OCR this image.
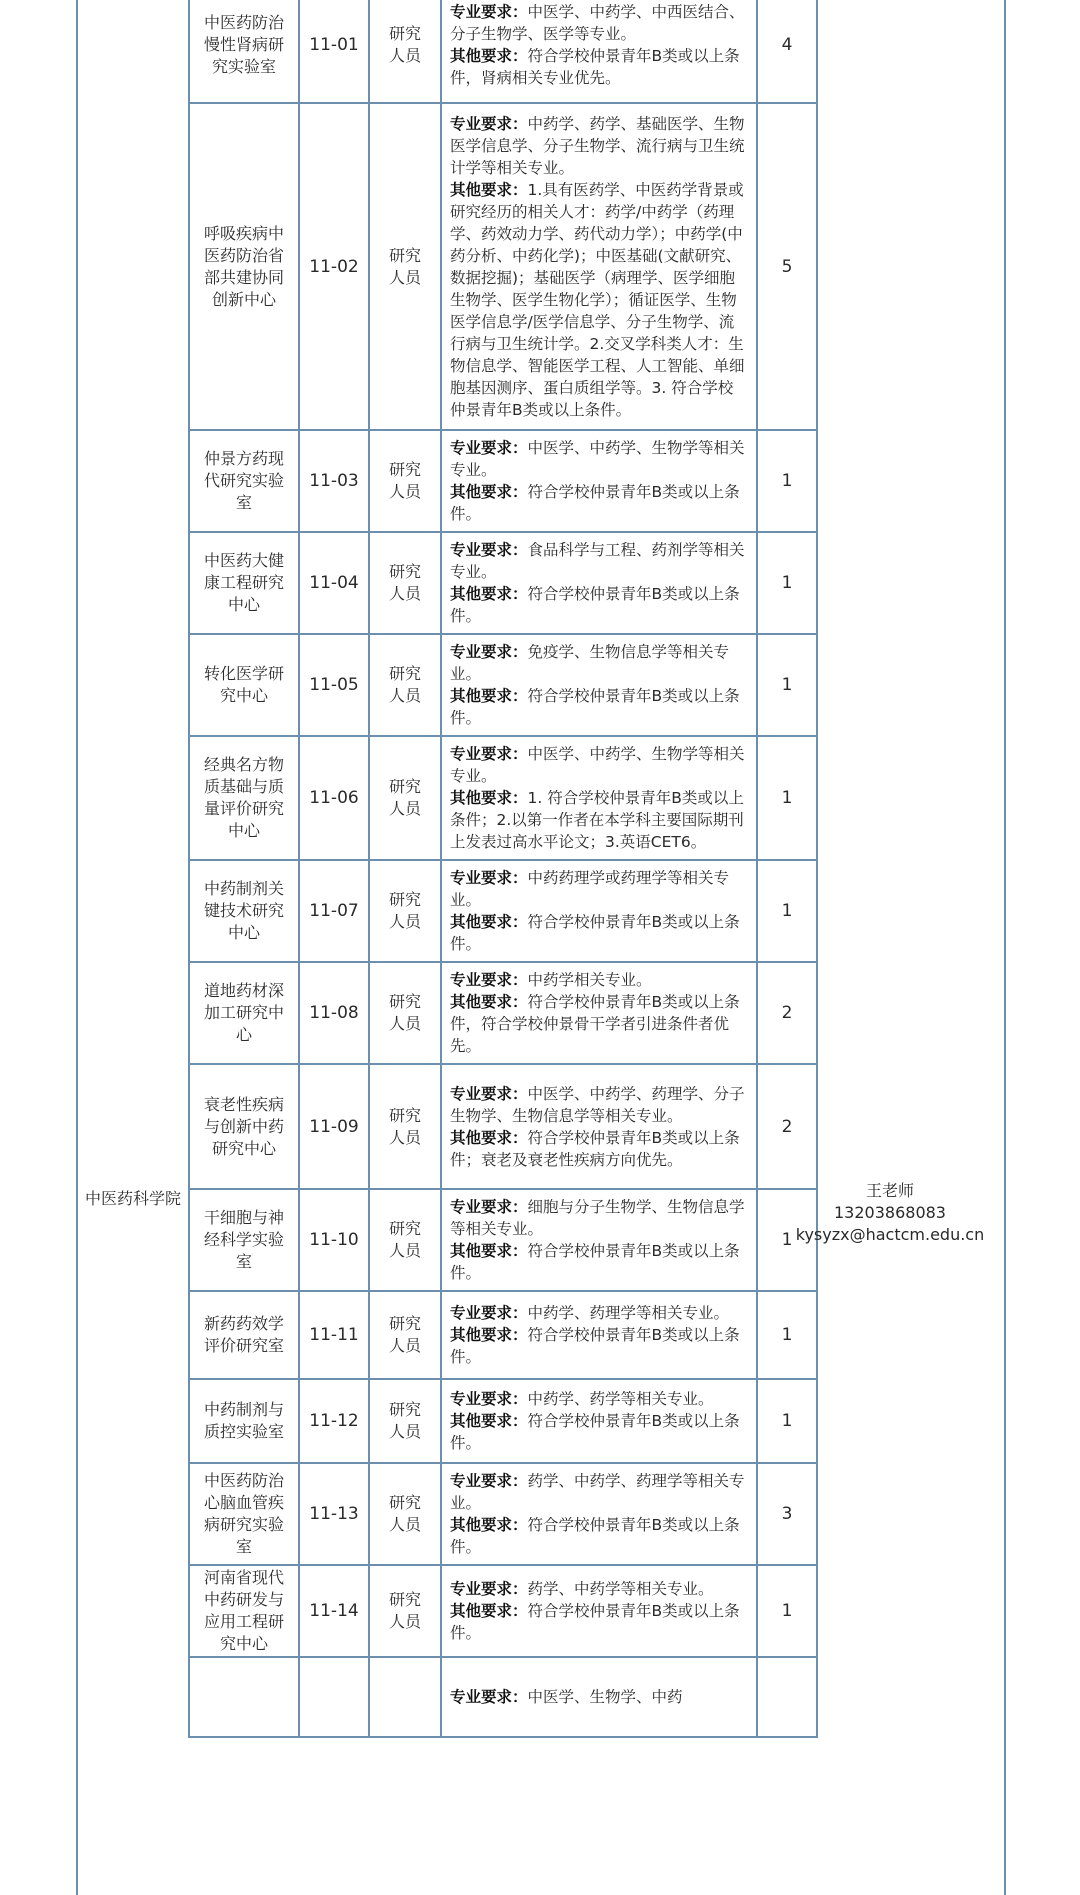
中医药科学院
中医药防治慢性肾病研究实验室	11-01	研究人员	专业要求：中医学、中药学、中西医结合、分子生物学、医学等专业。
其他要求：符合学校仲景青年B类或以上条件，肾病相关专业优先。	4
呼吸疾病中医药防治省部共建协同创新中心	11-02	研究人员	专业要求：中药学、药学、基础医学、生物医学信息学、分子生物学、流行病与卫生统计学等相关专业。
其他要求：1.具有医药学、中医药学背景或研究经历的相关人才：药学/中药学（药理学、药效动力学、药代动力学）；中药学(中药分析、中药化学)；中医基础(文献研究、数据挖掘)；基础医学（病理学、医学细胞生物学、医学生物化学）；循证医学、生物医学信息学/医学信息学、分子生物学、流行病与卫生统计学。2.交叉学科类人才：生物信息学、智能医学工程、人工智能、单细胞基因测序、蛋白质组学等。3. 符合学校仲景青年B类或以上条件。	5
仲景方药现代研究实验室	11-03	研究人员	专业要求：中医学、中药学、生物学等相关专业。
其他要求：符合学校仲景青年B类或以上条件。	1
中医药大健康工程研究中心	11-04	研究人员	专业要求：食品科学与工程、药剂学等相关专业。
其他要求：符合学校仲景青年B类或以上条件。	1
转化医学研究中心	11-05	研究人员	专业要求：免疫学、生物信息学等相关专业。
其他要求：符合学校仲景青年B类或以上条件。	1
经典名方物质基础与质量评价研究中心	11-06	研究人员	专业要求：中医学、中药学、生物学等相关专业。
其他要求：1. 符合学校仲景青年B类或以上条件；2.以第一作者在本学科主要国际期刊上发表过高水平论文；3.英语CET6。	1
中药制剂关键技术研究中心	11-07	研究人员	专业要求：中药药理学或药理学等相关专业。
其他要求：符合学校仲景青年B类或以上条件。	1
道地药材深加工研究中心	11-08	研究人员	专业要求：中药学相关专业。
其他要求：符合学校仲景青年B类或以上条件，符合学校仲景骨干学者引进条件者优先。	2
衰老性疾病与创新中药研究中心	11-09	研究人员	专业要求：中医学、中药学、药理学、分子生物学、生物信息学等相关专业。
其他要求：符合学校仲景青年B类或以上条件；衰老及衰老性疾病方向优先。	2
干细胞与神经科学实验室	11-10	研究人员	专业要求：细胞与分子生物学、生物信息学等相关专业。
其他要求：符合学校仲景青年B类或以上条件。	1
新药药效学评价研究室	11-11	研究人员	专业要求：中药学、药理学等相关专业。
其他要求：符合学校仲景青年B类或以上条件。	1
中药制剂与质控实验室	11-12	研究人员	专业要求：中药学、药学等相关专业。
其他要求：符合学校仲景青年B类或以上条件。	1
中医药防治心脑血管疾病研究实验室	11-13	研究人员	专业要求：药学、中药学、药理学等相关专业。
其他要求：符合学校仲景青年B类或以上条件。	3
河南省现代中药研发与应用工程研究中心	11-14	研究人员	专业要求：药学、中药学等相关专业。
其他要求：符合学校仲景青年B类或以上条件。	1

			专业要求：中医学、生物学、中药	

王老师
13203868083
kysyzx@hactcm.edu.cn
